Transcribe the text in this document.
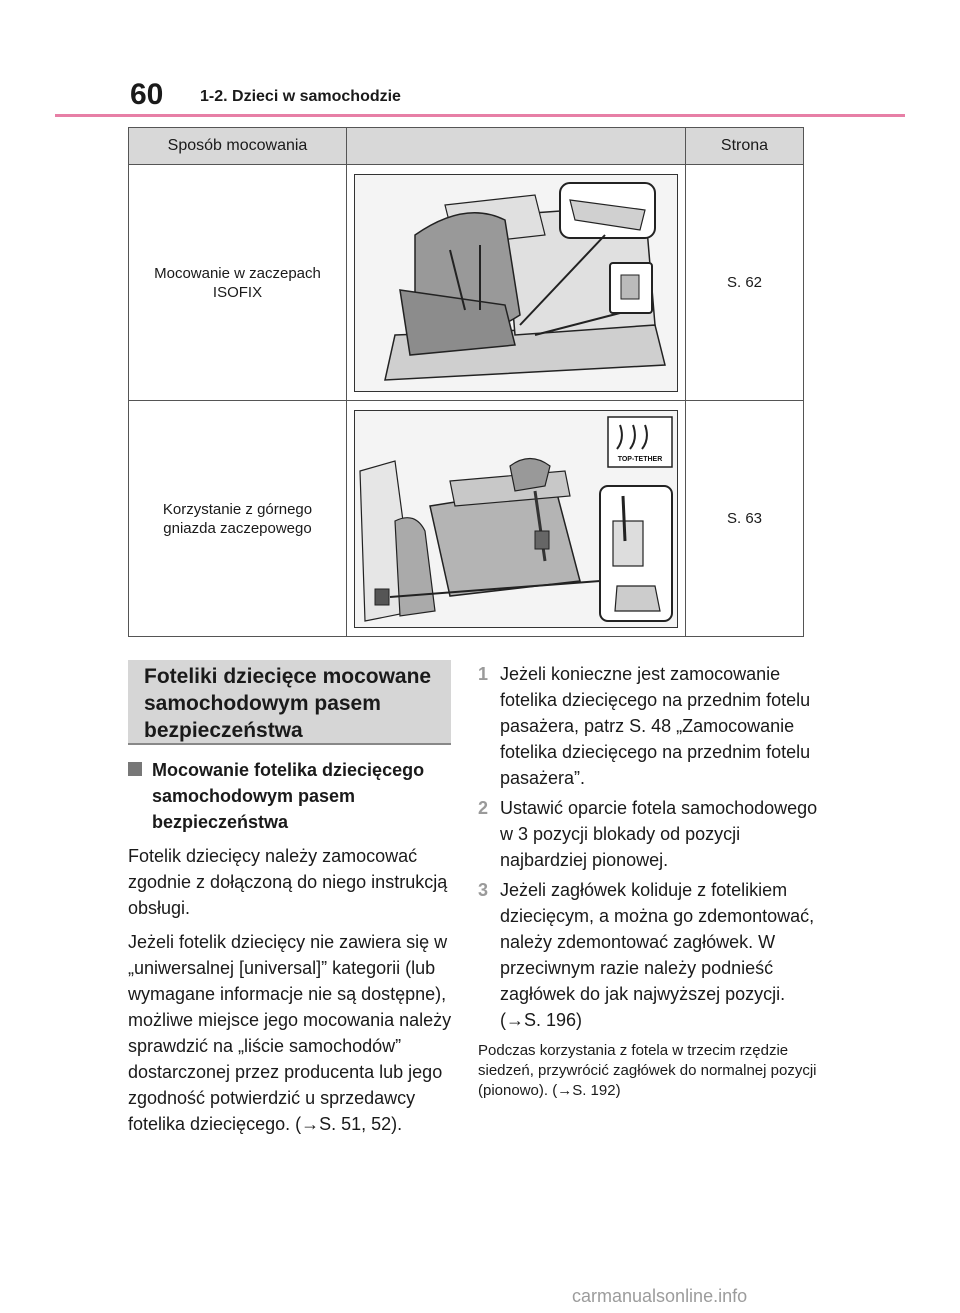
60 1-2. Dzieci w samochodzie
Sposób mocowania		Strona

Mocowanie w zaczepach ISOFIX		S. 62

Korzystanie z górnego gniazda zaczepowego	TOP-TETHER	S. 63
Foteliki dziecięce mocowane samochodowym pasem bezpieczeństwa
Mocowanie fotelika dziecięcego samochodowym pasem bezpieczeństwa

Fotelik dziecięcy należy zamocować zgodnie z dołączoną do niego instrukcją obsługi.

Jeżeli fotelik dziecięcy nie zawiera się w „uniwersalnej [universal]” kategorii (lub wymagane informacje nie są dostępne), możliwe miejsce jego mocowania należy sprawdzić na „liście samochodów” dostarczonej przez producenta lub jego zgodność potwierdzić u sprzedawcy fotelika dziecięcego. (→S. 51, 52).

1 Jeżeli konieczne jest zamocowanie fotelika dziecięcego na przednim fotelu pasażera, patrz S. 48 „Zamocowanie fotelika dziecięcego na przednim fotelu pasażera”.
2 Ustawić oparcie fotela samochodowego w 3 pozycji blokady od pozycji najbardziej pionowej.
3 Jeżeli zagłówek koliduje z fotelikiem dziecięcym, a można go zdemontować, należy zdemontować zagłówek. W przeciwnym razie należy podnieść zagłówek do jak najwyższej pozycji. (→S. 196)
Podczas korzystania z fotela w trzecim rzędzie siedzeń, przywrócić zagłówek do normalnej pozycji (pionowo). (→S. 192)
carmanualsonline.info
